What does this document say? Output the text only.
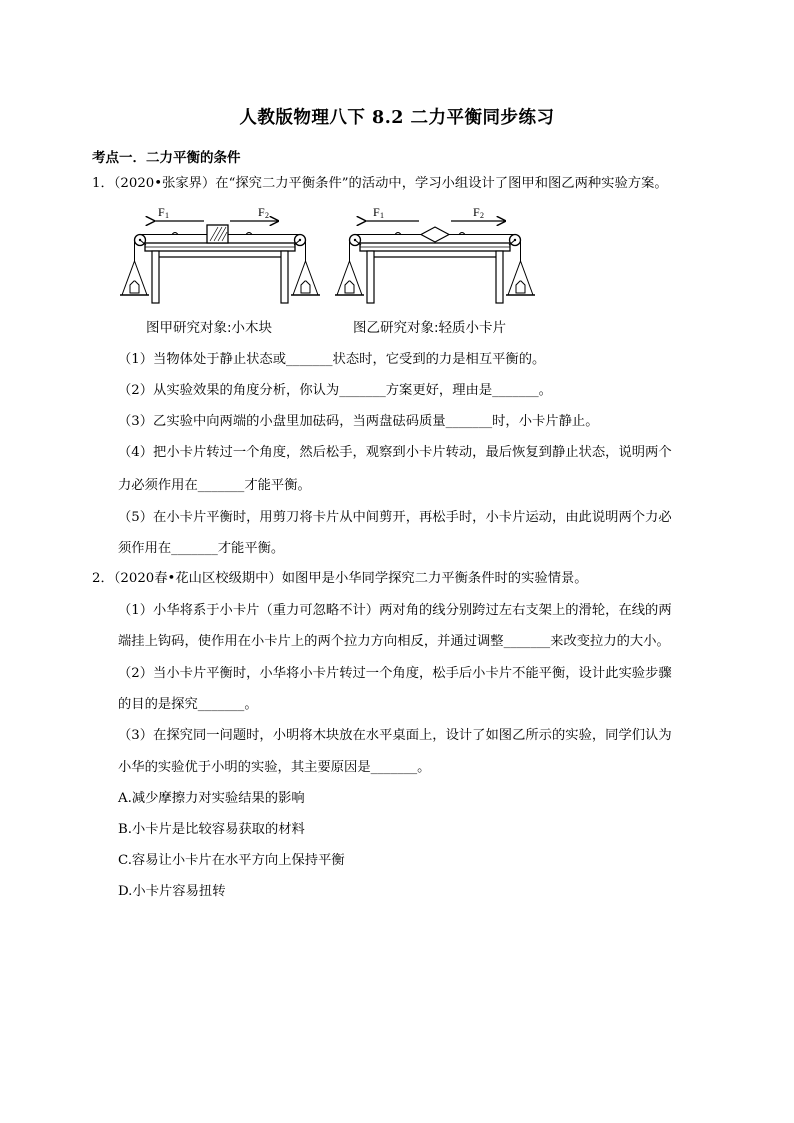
人教版物理八下 8.2 二力平衡同步练习
考点一．二力平衡的条件
1．（2020•张家界）在“探究二力平衡条件”的活动中，学习小组设计了图甲和图乙两种实验方案。
F 1	F 2	F 1	F 2
图甲研究对象:小木块	图乙研究对象:轻质小卡片
（1）当物体处于静止状态或_______状态时，它受到的力是相互平衡的。
（2）从实验效果的角度分析，你认为_______方案更好，理由是_______。
（3）乙实验中向两端的小盘里加砝码，当两盘砝码质量_______时，小卡片静止。
（4）把小卡片转过一个角度，然后松手，观察到小卡片转动，最后恢复到静止状态，说明两个
力必须作用在_______才能平衡。
（5）在小卡片平衡时，用剪刀将卡片从中间剪开，再松手时，小卡片运动，由此说明两个力必
须作用在_______才能平衡。
2．（2020春•花山区校级期中）如图甲是小华同学探究二力平衡条件时的实验情景。
（1）小华将系于小卡片（重力可忽略不计）两对角的线分别跨过左右支架上的滑轮，在线的两
端挂上钩码，使作用在小卡片上的两个拉力方向相反，并通过调整_______来改变拉力的大小。
（2）当小卡片平衡时，小华将小卡片转过一个角度，松手后小卡片不能平衡，设计此实验步骤
的目的是探究_______。
（3）在探究同一问题时，小明将木块放在水平桌面上，设计了如图乙所示的实验，同学们认为
小华的实验优于小明的实验，其主要原因是_______。
A.减少摩擦力对实验结果的影响
B.小卡片是比较容易获取的材料
C.容易让小卡片在水平方向上保持平衡
D.小卡片容易扭转
